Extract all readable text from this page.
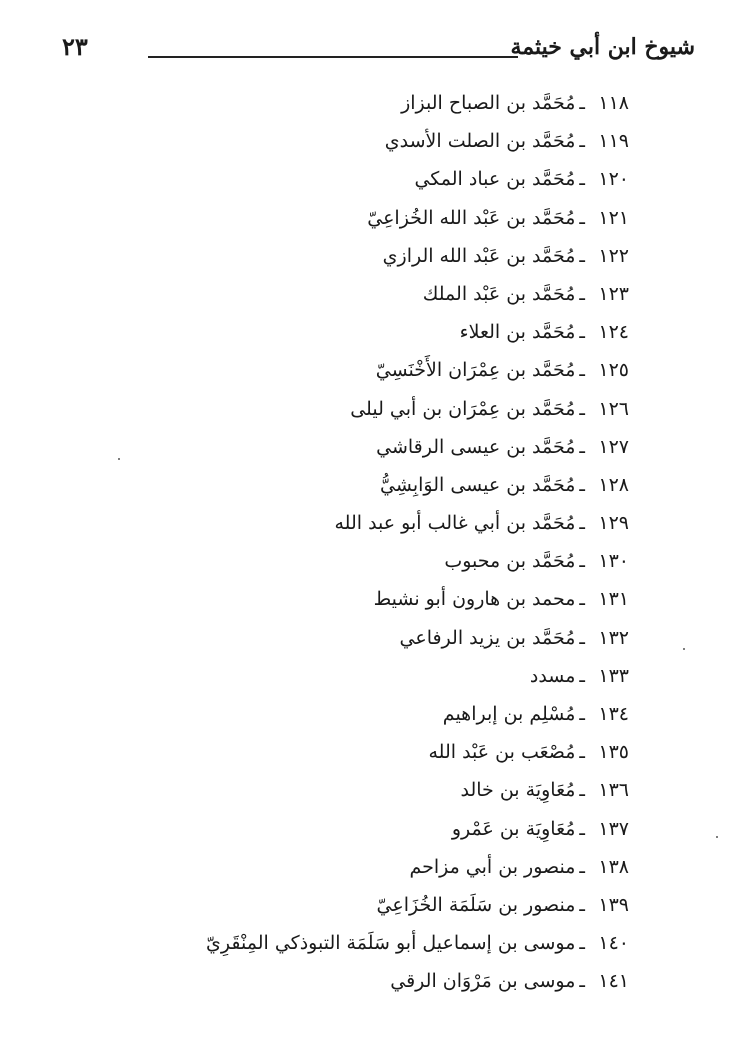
شيوخ ابن أبي خيثمة
٢٣
١١٨ـمُحَمَّد بن الصباح البزاز
١١٩ـمُحَمَّد بن الصلت الأسدي
١٢٠ـمُحَمَّد بن عباد المكي
١٢١ـمُحَمَّد بن عَبْد الله الخُزاعِيّ
١٢٢ـمُحَمَّد بن عَبْد الله الرازي
١٢٣ـمُحَمَّد بن عَبْد الملك
١٢٤ـمُحَمَّد بن العلاء
١٢٥ـمُحَمَّد بن عِمْرَان الأَخْنَسِيّ
١٢٦ـمُحَمَّد بن عِمْرَان بن أبي ليلى
١٢٧ـمُحَمَّد بن عيسى الرقاشي
١٢٨ـمُحَمَّد بن عيسى الوَابِشِيُّ
١٢٩ـمُحَمَّد بن أبي غالب أبو عبد الله
١٣٠ـمُحَمَّد بن محبوب
١٣١ـمحمد بن هارون أبو نشيط
١٣٢ـمُحَمَّد بن يزيد الرفاعي
١٣٣ـمسدد
١٣٤ـمُسْلِم بن إبراهيم
١٣٥ـمُصْعَب بن عَبْد الله
١٣٦ـمُعَاوِيَة بن خالد
١٣٧ـمُعَاوِيَة بن عَمْرو
١٣٨ـمنصور بن أبي مزاحم
١٣٩ـمنصور بن سَلَمَة الخُزَاعِيّ
١٤٠ـموسى بن إسماعيل أبو سَلَمَة التبوذكي المِنْقَرِيّ
١٤١ـموسى بن مَرْوَان الرقي
